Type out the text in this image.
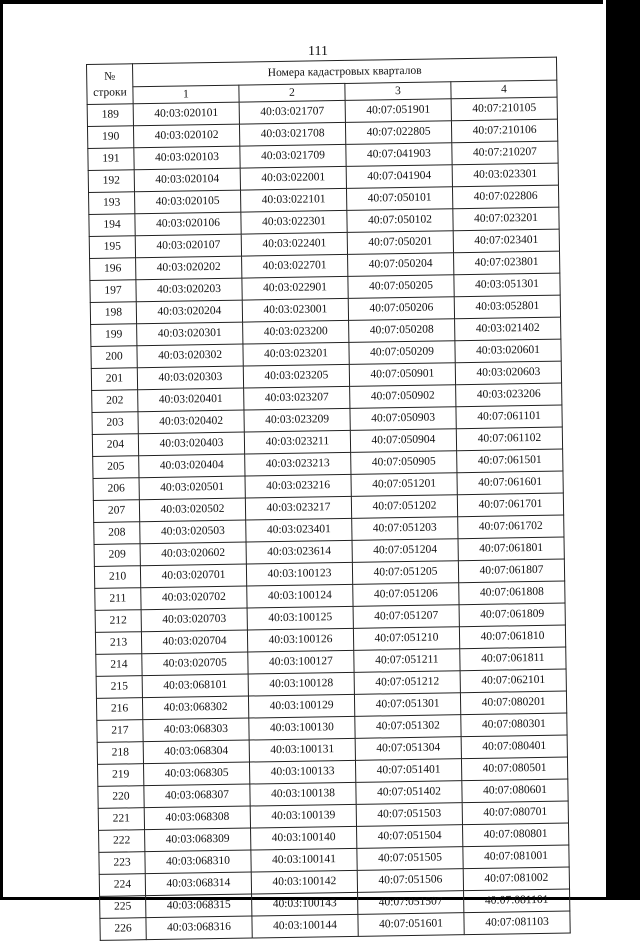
111
№
строки	Номера кадастровых кварталов			
	1	2	3	4
189	40:03:020101	40:03:021707	40:07:051901	40:07:210105
190	40:03:020102	40:03:021708	40:07:022805	40:07:210106
191	40:03:020103	40:03:021709	40:07:041903	40:07:210207
192	40:03:020104	40:03:022001	40:07:041904	40:03:023301
193	40:03:020105	40:03:022101	40:07:050101	40:07:022806
194	40:03:020106	40:03:022301	40:07:050102	40:07:023201
195	40:03:020107	40:03:022401	40:07:050201	40:07:023401
196	40:03:020202	40:03:022701	40:07:050204	40:07:023801
197	40:03:020203	40:03:022901	40:07:050205	40:03:051301
198	40:03:020204	40:03:023001	40:07:050206	40:03:052801
199	40:03:020301	40:03:023200	40:07:050208	40:03:021402
200	40:03:020302	40:03:023201	40:07:050209	40:03:020601
201	40:03:020303	40:03:023205	40:07:050901	40:03:020603
202	40:03:020401	40:03:023207	40:07:050902	40:03:023206
203	40:03:020402	40:03:023209	40:07:050903	40:07:061101
204	40:03:020403	40:03:023211	40:07:050904	40:07:061102
205	40:03:020404	40:03:023213	40:07:050905	40:07:061501
206	40:03:020501	40:03:023216	40:07:051201	40:07:061601
207	40:03:020502	40:03:023217	40:07:051202	40:07:061701
208	40:03:020503	40:03:023401	40:07:051203	40:07:061702
209	40:03:020602	40:03:023614	40:07:051204	40:07:061801
210	40:03:020701	40:03:100123	40:07:051205	40:07:061807
211	40:03:020702	40:03:100124	40:07:051206	40:07:061808
212	40:03:020703	40:03:100125	40:07:051207	40:07:061809
213	40:03:020704	40:03:100126	40:07:051210	40:07:061810
214	40:03:020705	40:03:100127	40:07:051211	40:07:061811
215	40:03:068101	40:03:100128	40:07:051212	40:07:062101
216	40:03:068302	40:03:100129	40:07:051301	40:07:080201
217	40:03:068303	40:03:100130	40:07:051302	40:07:080301
218	40:03:068304	40:03:100131	40:07:051304	40:07:080401
219	40:03:068305	40:03:100133	40:07:051401	40:07:080501
220	40:03:068307	40:03:100138	40:07:051402	40:07:080601
221	40:03:068308	40:03:100139	40:07:051503	40:07:080701
222	40:03:068309	40:03:100140	40:07:051504	40:07:080801
223	40:03:068310	40:03:100141	40:07:051505	40:07:081001
224	40:03:068314	40:03:100142	40:07:051506	40:07:081002
225	40:03:068315	40:03:100143	40:07:051507	40:07:081101
226	40:03:068316	40:03:100144	40:07:051601	40:07:081103
